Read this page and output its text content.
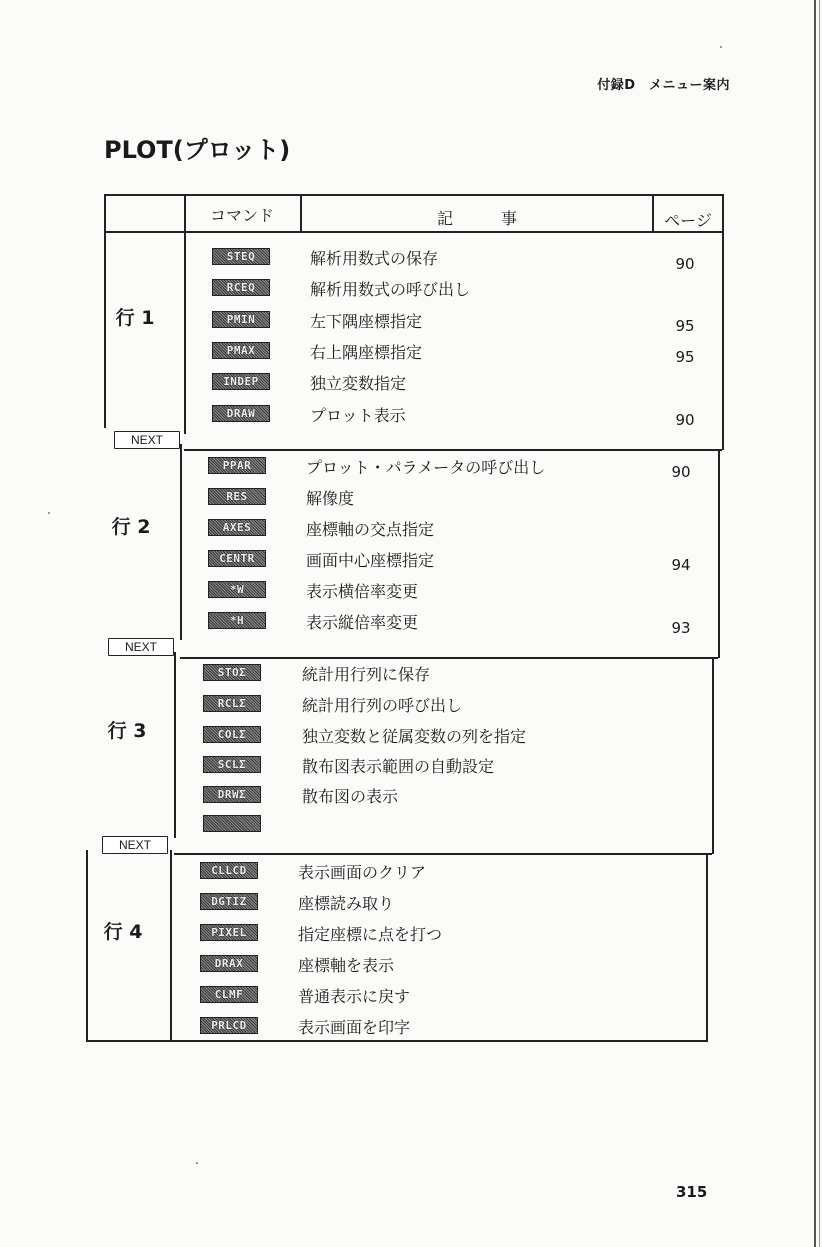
付録D　メニュー案内
PLOT(プロット)
コマンド	記　　　事	ページ
行 1
NEXT
STEQ	解析用数式の保存	90
RCEQ	解析用数式の呼び出し
PMIN	左下隅座標指定	95
PMAX	右上隅座標指定	95
INDEP	独立変数指定
DRAW	プロット表示	90
行 2
NEXT
PPAR	プロット・パラメータの呼び出し	90
RES	解像度
AXES	座標軸の交点指定
CENTR	画面中心座標指定	94
*W	表示横倍率変更
*H	表示縦倍率変更	93
行 3
NEXT
STOΣ	統計用行列に保存
RCLΣ	統計用行列の呼び出し
COLΣ	独立変数と従属変数の列を指定
SCLΣ	散布図表示範囲の自動設定
DRWΣ	散布図の表示
行 4
CLLCD	表示画面のクリア
DGTIZ	座標読み取り
PIXEL	指定座標に点を打つ
DRAX	座標軸を表示
CLMF	普通表示に戻す
PRLCD	表示画面を印字
315
